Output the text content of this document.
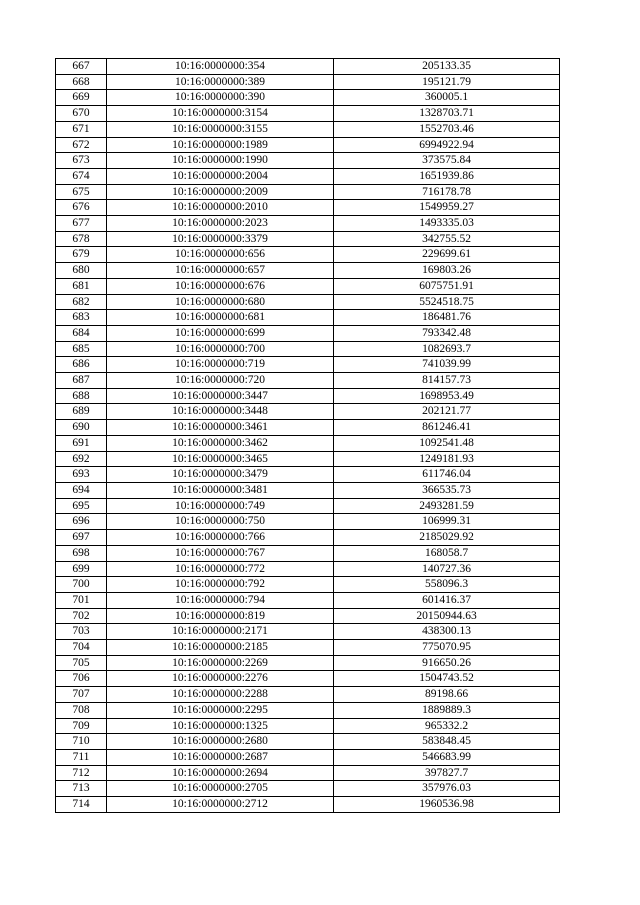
667	10:16:0000000:354	205133.35
668	10:16:0000000:389	195121.79
669	10:16:0000000:390	360005.1
670	10:16:0000000:3154	1328703.71
671	10:16:0000000:3155	1552703.46
672	10:16:0000000:1989	6994922.94
673	10:16:0000000:1990	373575.84
674	10:16:0000000:2004	1651939.86
675	10:16:0000000:2009	716178.78
676	10:16:0000000:2010	1549959.27
677	10:16:0000000:2023	1493335.03
678	10:16:0000000:3379	342755.52
679	10:16:0000000:656	229699.61
680	10:16:0000000:657	169803.26
681	10:16:0000000:676	6075751.91
682	10:16:0000000:680	5524518.75
683	10:16:0000000:681	186481.76
684	10:16:0000000:699	793342.48
685	10:16:0000000:700	1082693.7
686	10:16:0000000:719	741039.99
687	10:16:0000000:720	814157.73
688	10:16:0000000:3447	1698953.49
689	10:16:0000000:3448	202121.77
690	10:16:0000000:3461	861246.41
691	10:16:0000000:3462	1092541.48
692	10:16:0000000:3465	1249181.93
693	10:16:0000000:3479	611746.04
694	10:16:0000000:3481	366535.73
695	10:16:0000000:749	2493281.59
696	10:16:0000000:750	106999.31
697	10:16:0000000:766	2185029.92
698	10:16:0000000:767	168058.7
699	10:16:0000000:772	140727.36
700	10:16:0000000:792	558096.3
701	10:16:0000000:794	601416.37
702	10:16:0000000:819	20150944.63
703	10:16:0000000:2171	438300.13
704	10:16:0000000:2185	775070.95
705	10:16:0000000:2269	916650.26
706	10:16:0000000:2276	1504743.52
707	10:16:0000000:2288	89198.66
708	10:16:0000000:2295	1889889.3
709	10:16:0000000:1325	965332.2
710	10:16:0000000:2680	583848.45
711	10:16:0000000:2687	546683.99
712	10:16:0000000:2694	397827.7
713	10:16:0000000:2705	357976.03
714	10:16:0000000:2712	1960536.98
